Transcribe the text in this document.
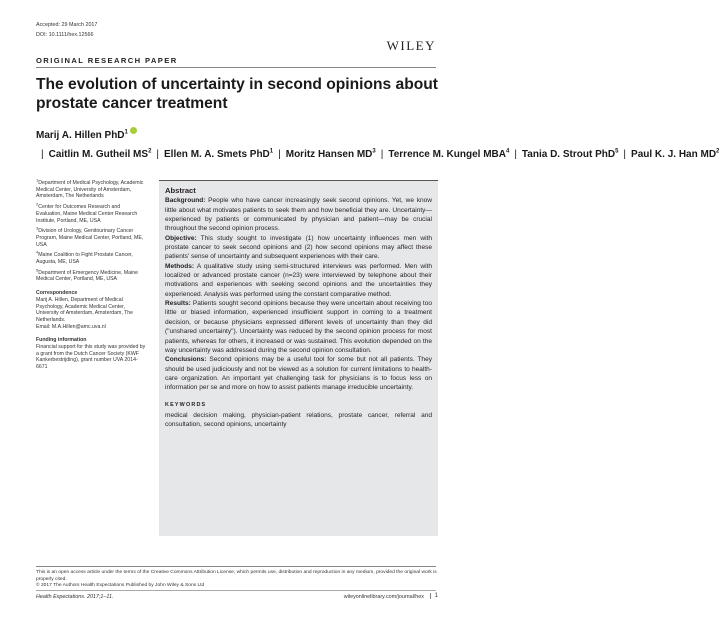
Accepted: 29 March 2017
DOI: 10.1111/hex.12566
WILEY
ORIGINAL RESEARCH PAPER
The evolution of uncertainty in second opinions about prostate cancer treatment
Marij A. Hillen PhD$^1$| Caitlin M. Gutheil $MS^2$ | Ellen M. A. Smets PhD$^1$ | Moritz Hansen $MD^3$ | Terrence M. Kungel MBA$^4$ | Tania D. Strout PhD$^5$ | Paul K. J. Han $MD^2$
$^1$Department of Medical Psychology, Academic Medical Center, University of Amsterdam, Amsterdam, The Netherlands
$^2$Center for Outcomes Research and Evaluation, Maine Medical Center Research Institute, Portland, ME, USA
$^3$Division of Urology, Genitourinary Cancer Program, Maine Medical Center, Portland, ME, USA
$^4$Maine Coalition to Fight Prostate Cancer, Augusta, ME, USA
$^5$Department of Emergency Medicine, Maine Medical Center, Portland, ME, USA
Correspondence
Marij A. Hillen, Department of Medical Psychology, Academic Medical Center, University of Amsterdam, Amsterdam, The Netherlands.
Email: M.A.Hillen@amc.uva.nl
Funding information
Financial support for this study was provided by a grant from the Dutch Cancer Society (KWF Kankerbestrijding), grant number UVA 2014-6671
Abstract

Background: People who have cancer increasingly seek second opinions. Yet, we know little about what motivates patients to seek them and how beneficial they are. Uncertainty—experienced by patients or communicated by physician and patient—may be crucial throughout the second opinion process.

Objective: This study sought to investigate (1) how uncertainty influences men with prostate cancer to seek second opinions and (2) how second opinions may affect these patients' sense of uncertainty and subsequent experiences with their care.

Methods: A qualitative study using semi-structured interviews was performed. Men with localized or advanced prostate cancer (n=23) were interviewed by telephone about their motivations and experiences with seeking second opinions and the uncertainties they experienced. Analysis was performed using the constant comparative method.

Results: Patients sought second opinions because they were uncertain about receiving too little or biased information, experienced insufficient support in coming to a treatment decision, or because physicians expressed different levels of uncertainty than they did ("unshared uncertainty"). Uncertainty was reduced by the second opinion process for most patients, whereas for others, it increased or was sustained. This evolution depended on the way uncertainty was addressed during the second opinion consultation.

Conclusions: Second opinions may be a useful tool for some but not all patients. They should be used judiciously and not be viewed as a solution for current limitations to health-care organization. An important yet challenging task for physicians is to focus less on information per se and more on how to assist patients manage irreducible uncertainty.

KEYWORDS

medical decision making, physician-patient relations, prostate cancer, referral and consultation, second opinions, uncertainty

This is an open access article under the terms of the Creative Commons Attribution License, which permits use, distribution and reproduction in any medium, provided the original work is properly cited.
© 2017 The Authors Health Expectations Published by John Wiley & Sons Ltd
Health Expectations. 2017;1–11.	wileyonlinelibrary.com/journal/hex	1
